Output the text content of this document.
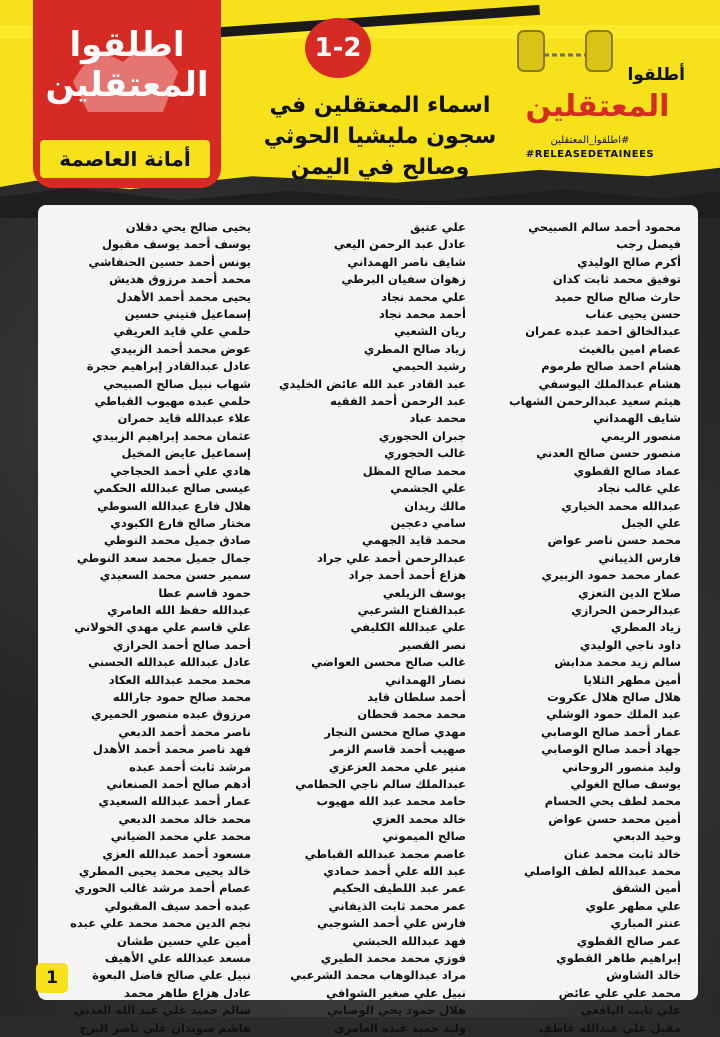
اطلقوا
المعتقلين
أمانة العاصمة
1-2
اسماء المعتقلين في
سجون مليشيا الحوثي
وصالح في اليمن
أطلقوا
المعتقلين
#اطلقوا_المعتقلين
#RELEASEDETAINEES
محمود أحمد سالم الصبيحي
فيصل رجب
أكرم صالح الوليدي
توفيق محمد ثابت كدان
حارث صالح صالح حميد
حسن يحيى عناب
عبدالخالق احمد عبده عمران
عصام امين بالغيث
هشام احمد صالح طرموم
هشام عبدالملك اليوسفي
هيثم سعيد عبدالرحمن الشهاب
شايف الهمداني
منصور الريمي
منصور حسن صالح العدني
عماد صالح القطوي
علي غالب نجاد
عبدالله محمد الخياري
علي الجبل
محمد حسن ناصر عواض
فارس الذيباني
عمار محمد حمود الزبيري
صلاح الدين التعزي
عبدالرحمن الحرازي
زياد المطري
داود ناجي الوليدي
سالم زيد محمد مدابش
أمين مطهر الثلايا
هلال صالح هلال عكروت
عبد الملك حمود الوشلي
عمار أحمد صالح الوصابي
جهاد أحمد صالح الوصابي
وليد منصور الروحاني
يوسف صالح الغولي
محمد لطف يحي الحسام
أمين محمد حسن عواض
وحيد الدبعي
خالد ثابت محمد عنان
محمد عبدالله لطف الواصلي
أمين الشفق
علي مطهر علوي
عنتر المباري
عمر صالح القطوي
إبراهيم طاهر القطوي
خالد الشاوش
محمد علي علي عائض
علي ثابت اليافعي
مقبل علي عبدالله عاطف
علي عتيق
عادل عبد الرحمن اليعي
شايف ناصر الهمداني
زهوان سفيان البرطي
علي محمد نجاد
أحمد محمد نجاد
ريان الشعبي
زياد صالح المطري
رشيد الحيمي
عبد القادر عبد الله عائض الخليدي
عبد الرحمن أحمد الفقيه
محمد عباد
جبران الحجوري
غالب الحجوري
محمد صالح المظل
علي الجشمي
مالك ريدان
سامي دعجين
محمد قايد الجهمي
عبدالرحمن أحمد علي جراد
هزاع أحمد أحمد جراد
يوسف الزيلعي
عبدالفتاح الشرعبي
علي عبدالله الكليفي
نصر القصير
غالب صالح محسن العواضي
نصار الهمداني
أحمد سلطان قايد
محمد محمد قحطان
مهدي صالح محسن النجار
صهيب أحمد قاسم الزمر
منير علي محمد العزعزي
عبدالملك سالم ناجي الحطامي
حامد محمد عبد الله مهيوب
خالد محمد العزي
صالح الميموني
عاصم محمد عبدالله القباطي
عبد الله علي أحمد حمادي
عمر عبد اللطيف الحكيم
عمر محمد ثابت الذيفاني
فارس علي أحمد الشوجبي
فهد عبدالله الحبشي
فوزي محمد محمد الطيري
مراد عبدالوهاب محمد الشرعبي
نبيل علي صغير الشوافي
هلال حمود يحي الوصابي
وليد حميد عبده العامري
يحيى صالح يحي دقلان
يوسف أحمد يوسف مقبول
يونس أحمد حسين الحنفاشي
محمد أحمد مرزوق هديش
يحيى محمد أحمد الأهدل
إسماعيل فتيني حسين
حلمي علي قايد العريقي
عوض محمد أحمد الزبيدي
عادل عبدالقادر إبراهيم حجرة
شهاب نبيل صالح الصبيحي
حلمي عبده مهيوب القباطي
علاء عبدالله قايد حمران
عثمان محمد إبراهيم الزبيدي
إسماعيل عايض المخيل
هادي علي أحمد الحجاجي
عيسى صالح عبدالله الحكمي
هلال فارع عبدالله السوطي
مختار صالح فارع الكبودي
صادق جميل محمد النوطي
جمال جميل محمد سعد النوطي
سمير حسن محمد السعيدي
حمود قاسم عطا
عبدالله حفظ الله العامري
علي قاسم علي مهدي الخولاني
أحمد صالح أحمد الحرازي
عادل عبدالله عبدالله الحسني
محمد محمد عبدالله العكاد
محمد صالح حمود جارالله
مرزوق عبده منصور الحميري
ناصر محمد أحمد الدبعي
فهد ناصر محمد أحمد الأهدل
مرشد ثابت أحمد عبده
أدهم صالح أحمد الصنعاني
عمار أحمد عبدالله السعيدي
محمد خالد محمد الدبعي
محمد علي محمد الضياني
مسعود أحمد عبدالله العزي
خالد يحيى محمد يحيى المطري
عصام أحمد مرشد غالب الحوري
عبده أحمد سيف المقبولي
نجم الدين محمد محمد علي عبده
أمين علي حسين طشان
مسعد عبدالله علي الأهيف
نبيل علي صالح فاضل البعوة
عادل هزاع طاهر محمد
سالم حميد علي عبد الله العدني
هاشم سويدان علي ناصر البرح
1
